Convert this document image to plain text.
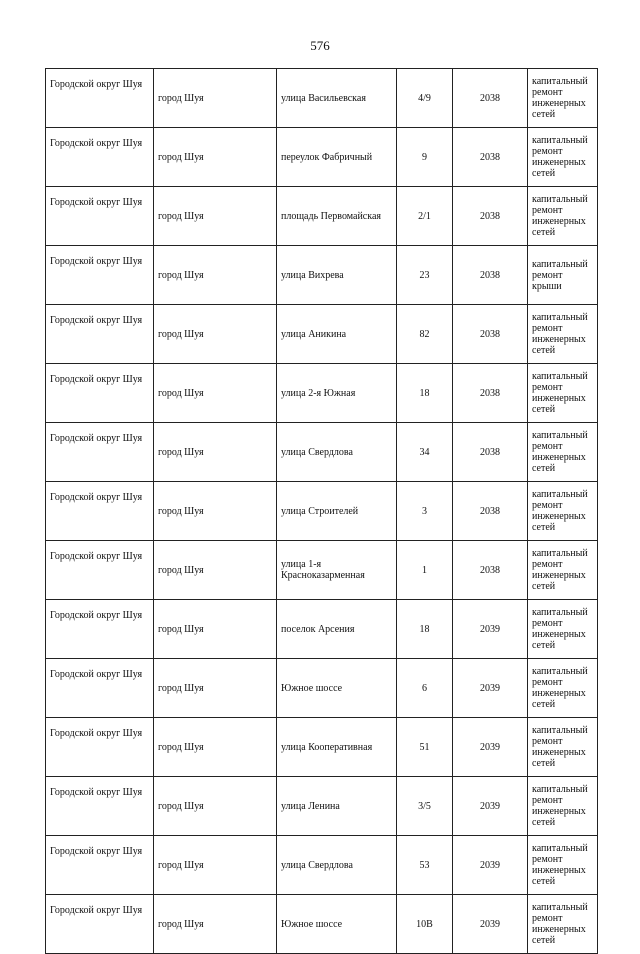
576
Городской округ Шуя	город Шуя	улица Васильевская	4/9	2038	капитальный ремонт инженерных сетей
Городской округ Шуя	город Шуя	переулок Фабричный	9	2038	капитальный ремонт инженерных сетей
Городской округ Шуя	город Шуя	площадь Первомайская	2/1	2038	капитальный ремонт инженерных сетей
Городской округ Шуя	город Шуя	улица Вихрева	23	2038	капитальный ремонт крыши
Городской округ Шуя	город Шуя	улица Аникина	82	2038	капитальный ремонт инженерных сетей
Городской округ Шуя	город Шуя	улица 2-я Южная	18	2038	капитальный ремонт инженерных сетей
Городской округ Шуя	город Шуя	улица Свердлова	34	2038	капитальный ремонт инженерных сетей
Городской округ Шуя	город Шуя	улица Строителей	3	2038	капитальный ремонт инженерных сетей
Городской округ Шуя	город Шуя	улица 1-я Красноказарменная	1	2038	капитальный ремонт инженерных сетей
Городской округ Шуя	город Шуя	поселок Арсения	18	2039	капитальный ремонт инженерных сетей
Городской округ Шуя	город Шуя	Южное шоссе	6	2039	капитальный ремонт инженерных сетей
Городской округ Шуя	город Шуя	улица Кооперативная	51	2039	капитальный ремонт инженерных сетей
Городской округ Шуя	город Шуя	улица Ленина	3/5	2039	капитальный ремонт инженерных сетей
Городской округ Шуя	город Шуя	улица Свердлова	53	2039	капитальный ремонт инженерных сетей
Городской округ Шуя	город Шуя	Южное шоссе	10В	2039	капитальный ремонт инженерных сетей
